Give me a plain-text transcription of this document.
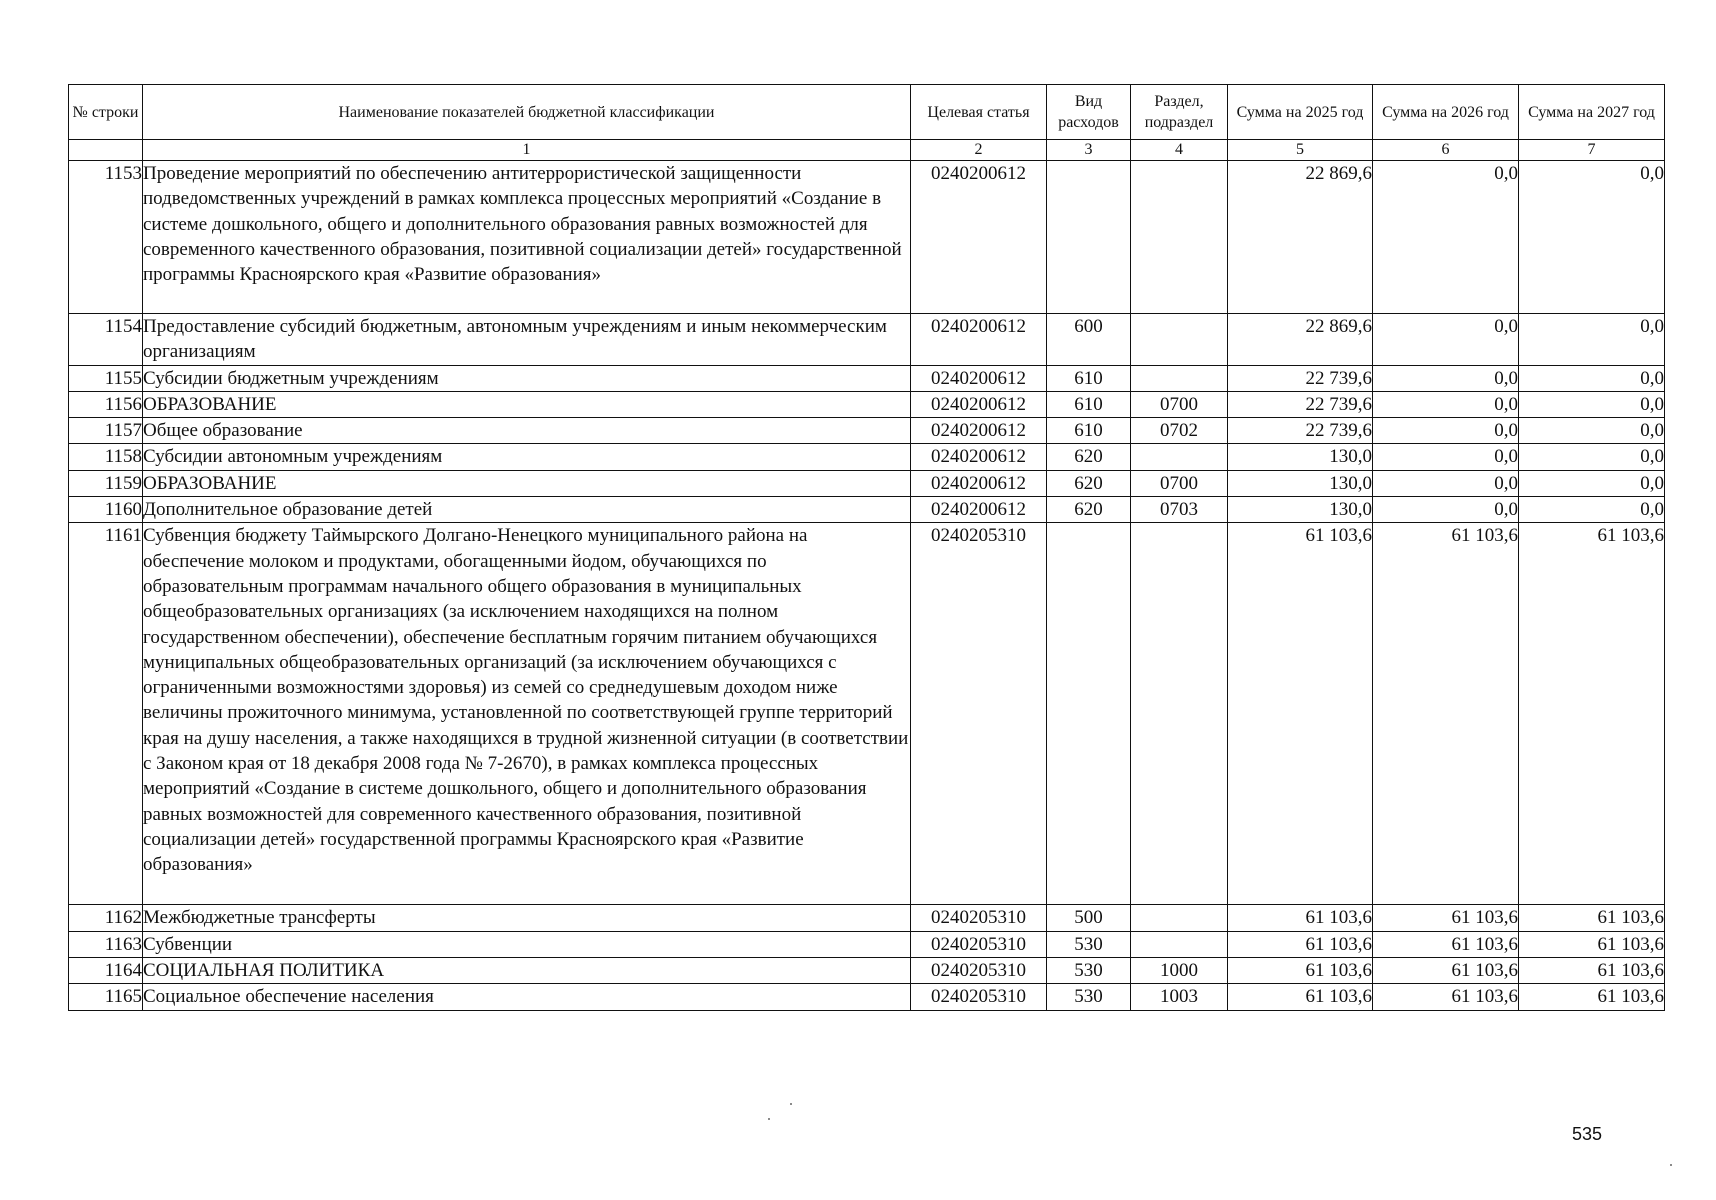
№ строки	Наименование показателей бюджетной классификации	Целевая статья	Вид расходов	Раздел, подраздел	Сумма на 2025 год	Сумма на 2026 год	Сумма на 2027 год
	1	2	3	4	5	6	7
1153	Проведение мероприятий по обеспечению антитеррористической защищенности подведомственных учреждений в рамках комплекса процессных мероприятий «Создание в системе дошкольного, общего и дополнительного образования равных возможностей для современного качественного образования, позитивной социализации детей» государственной программы Красноярского края «Развитие образования»	0240200612			22 869,6	0,0	0,0
1154	Предоставление субсидий бюджетным, автономным учреждениям и иным некоммерческим организациям	0240200612	600		22 869,6	0,0	0,0
1155	Субсидии бюджетным учреждениям	0240200612	610		22 739,6	0,0	0,0
1156	ОБРАЗОВАНИЕ	0240200612	610	0700	22 739,6	0,0	0,0
1157	Общее образование	0240200612	610	0702	22 739,6	0,0	0,0
1158	Субсидии автономным учреждениям	0240200612	620		130,0	0,0	0,0
1159	ОБРАЗОВАНИЕ	0240200612	620	0700	130,0	0,0	0,0
1160	Дополнительное образование детей	0240200612	620	0703	130,0	0,0	0,0
1161	Субвенция бюджету Таймырского Долгано-Ненецкого муниципального района на обеспечение молоком и продуктами, обогащенными йодом, обучающихся по образовательным программам начального общего образования в муниципальных общеобразовательных организациях (за исключением находящихся на полном государственном обеспечении), обеспечение бесплатным горячим питанием обучающихся муниципальных общеобразовательных организаций (за исключением обучающихся с ограниченными возможностями здоровья) из семей со среднедушевым доходом ниже величины прожиточного минимума, установленной по соответствующей группе территорий края на душу населения, а также находящихся в трудной жизненной ситуации (в соответствии с Законом края от 18 декабря 2008 года № 7-2670), в рамках комплекса процессных мероприятий «Создание в системе дошкольного, общего и дополнительного образования равных возможностей для современного качественного образования, позитивной социализации детей» государственной программы Красноярского края «Развитие образования»	0240205310			61 103,6	61 103,6	61 103,6
1162	Межбюджетные трансферты	0240205310	500		61 103,6	61 103,6	61 103,6
1163	Субвенции	0240205310	530		61 103,6	61 103,6	61 103,6
1164	СОЦИАЛЬНАЯ ПОЛИТИКА	0240205310	530	1000	61 103,6	61 103,6	61 103,6
1165	Социальное обеспечение населения	0240205310	530	1003	61 103,6	61 103,6	61 103,6
535
